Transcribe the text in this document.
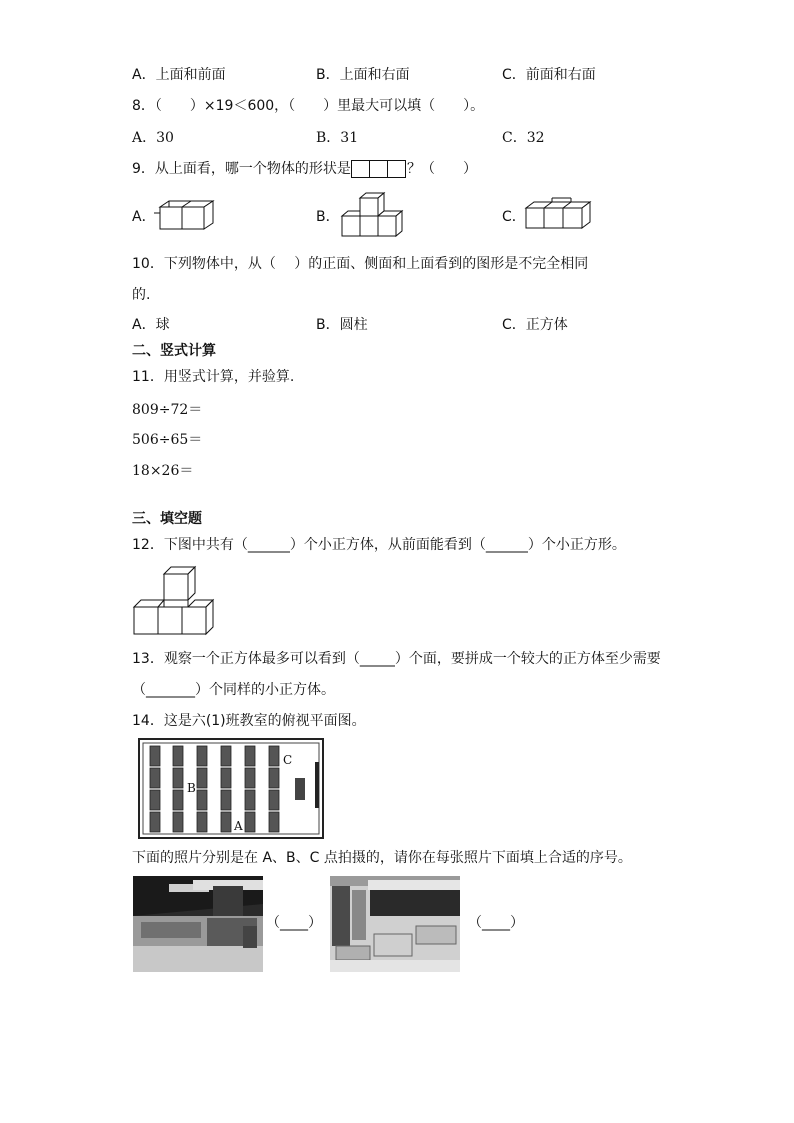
A．上面和前面	B．上面和右面	C．前面和右面
8．（　　）×19＜600，（　　）里最大可以填（　　）。
A．30	B．31	C．32
9．从上面看，哪一个物体的形状是	？（　　）
A．	B．	C．
10．下列物体中，从（　 ）的正面、侧面和上面看到的图形是不完全相同
的.
A．球	B．圆柱	C．正方体
二、竖式计算
11．用竖式计算，并验算.
809÷72＝
506÷65＝
18×26＝
三、填空题
12．下图中共有（______）个小正方体，从前面能看到（______）个小正方形。
13．观察一个正方体最多可以看到（_____）个面，要拼成一个较大的正方体至少需要
（_______）个同样的小正方体。
14．这是六(1)班教室的俯视平面图。
C
B
A
下面的照片分别是在 A、B、C 点拍摄的，请你在每张照片下面填上合适的序号。
（____）	（____）
